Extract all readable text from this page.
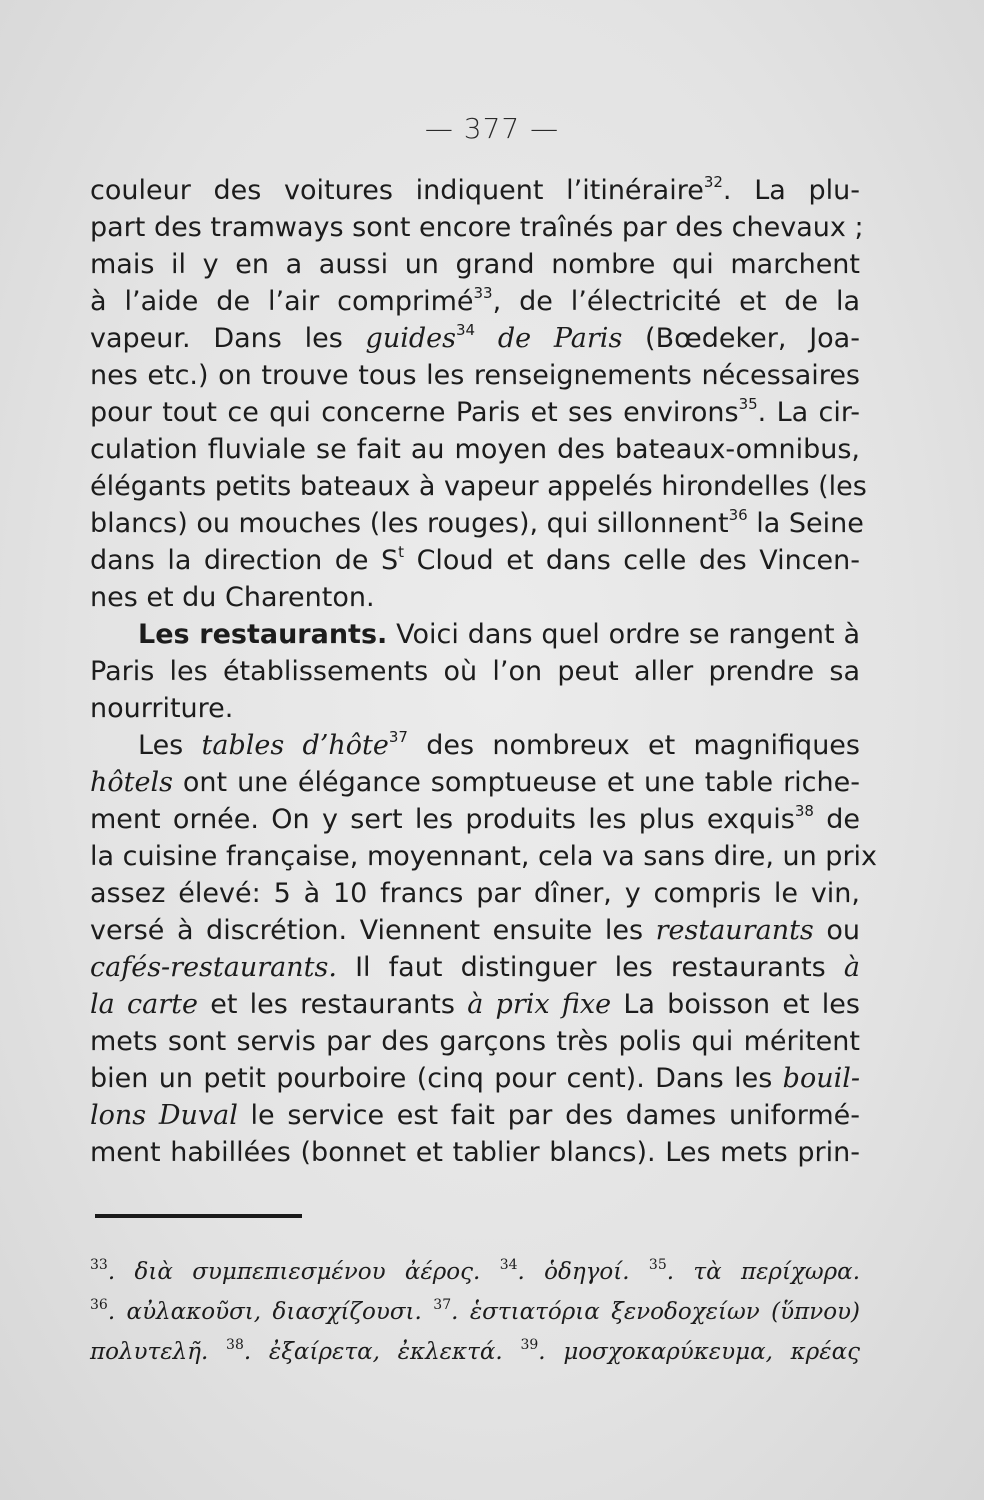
— 377 —
couleur des voitures indiquent l’itinéraire$^{32}$. La plu-
part des tramways sont encore traînés par des chevaux ;
mais il y en a aussi un grand nombre qui marchent
à l’aide de l’air comprimé$^{33}$, de l’électricité et de la
vapeur. Dans les guides$^{34}$ de Paris (Bœdeker, Joa-
nes etc.) on trouve tous les renseignements nécessaires
pour tout ce qui concerne Paris et ses environs$^{35}$. La cir-
culation fluviale se fait au moyen des bateaux-omnibus,
élégants petits bateaux à vapeur appelés hirondelles (les
blancs) ou mouches (les rouges), qui sillonnent$^{36}$ la Seine
dans la direction de $S^t$ Cloud et dans celle des Vincen-
nes et du Charenton.
Les restaurants. Voici dans quel ordre se rangent à
Paris les établissements où l’on peut aller prendre sa
nourriture.
Les tables d’hôte$^{37}$ des nombreux et magnifiques
hôtels ont une élégance somptueuse et une table riche-
ment ornée. On y sert les produits les plus exquis$^{38}$ de
la cuisine française, moyennant, cela va sans dire, un prix
assez élevé: 5 à 10 francs par dîner, y compris le vin,
versé à discrétion. Viennent ensuite les restaurants ou
cafés-restaurants. Il faut distinguer les restaurants à
la carte et les restaurants à prix fixe La boisson et les
mets sont servis par des garçons très polis qui méritent
bien un petit pourboire (cinq pour cent). Dans les bouil-
lons Duval le service est fait par des dames uniformé-
ment habillées (bonnet et tablier blancs). Les mets prin-
$^{33}$. διὰ συμπεπιεσμένου ἀέρος. $^{34}$. ὁδηγοί. $^{35}$. τὰ περίχωρα.
$^{36}$. αὐλακοῦσι, διασχίζουσι. $^{37}$. ἑστιατόρια ξενοδοχείων (ὕπνου)
πολυτελῆ. $^{38}$. ἐξαίρετα, ἐκλεκτά. $^{39}$. μοσχοκαρύκευμα, κρέας
